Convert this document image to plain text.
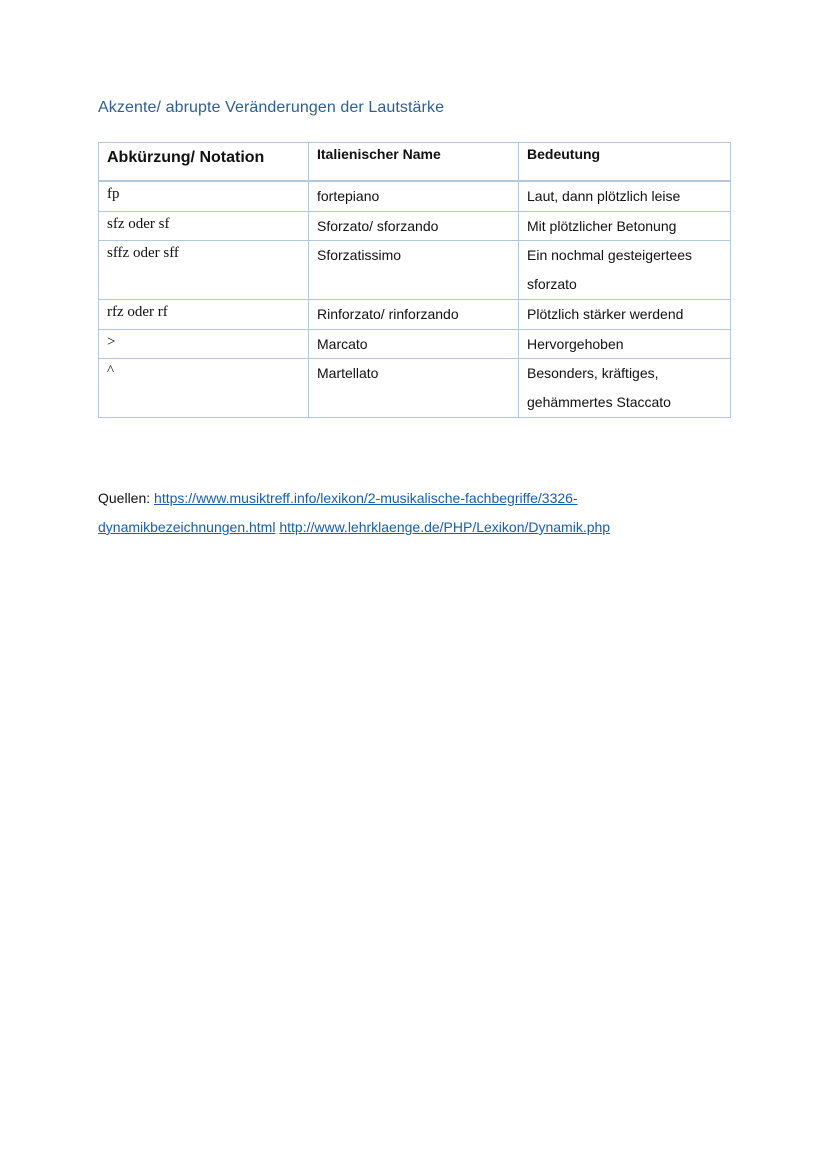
Akzente/ abrupte Veränderungen der Lautstärke
Abkürzung/ Notation	Italienischer Name	Bedeutung
fp	fortepiano	Laut, dann plötzlich leise
sfz oder sf	Sforzato/ sforzando	Mit plötzlicher Betonung
sffz oder sff	Sforzatissimo	Ein nochmal gesteigertees sforzato
rfz oder rf	Rinforzato/ rinforzando	Plötzlich stärker werdend
>	Marcato	Hervorgehoben
^	Martellato	Besonders, kräftiges, gehämmertes Staccato
Quellen: https://www.musiktreff.info/lexikon/2-musikalische-fachbegriffe/3326-dynamikbezeichnungen.html http://www.lehrklaenge.de/PHP/Lexikon/Dynamik.php
